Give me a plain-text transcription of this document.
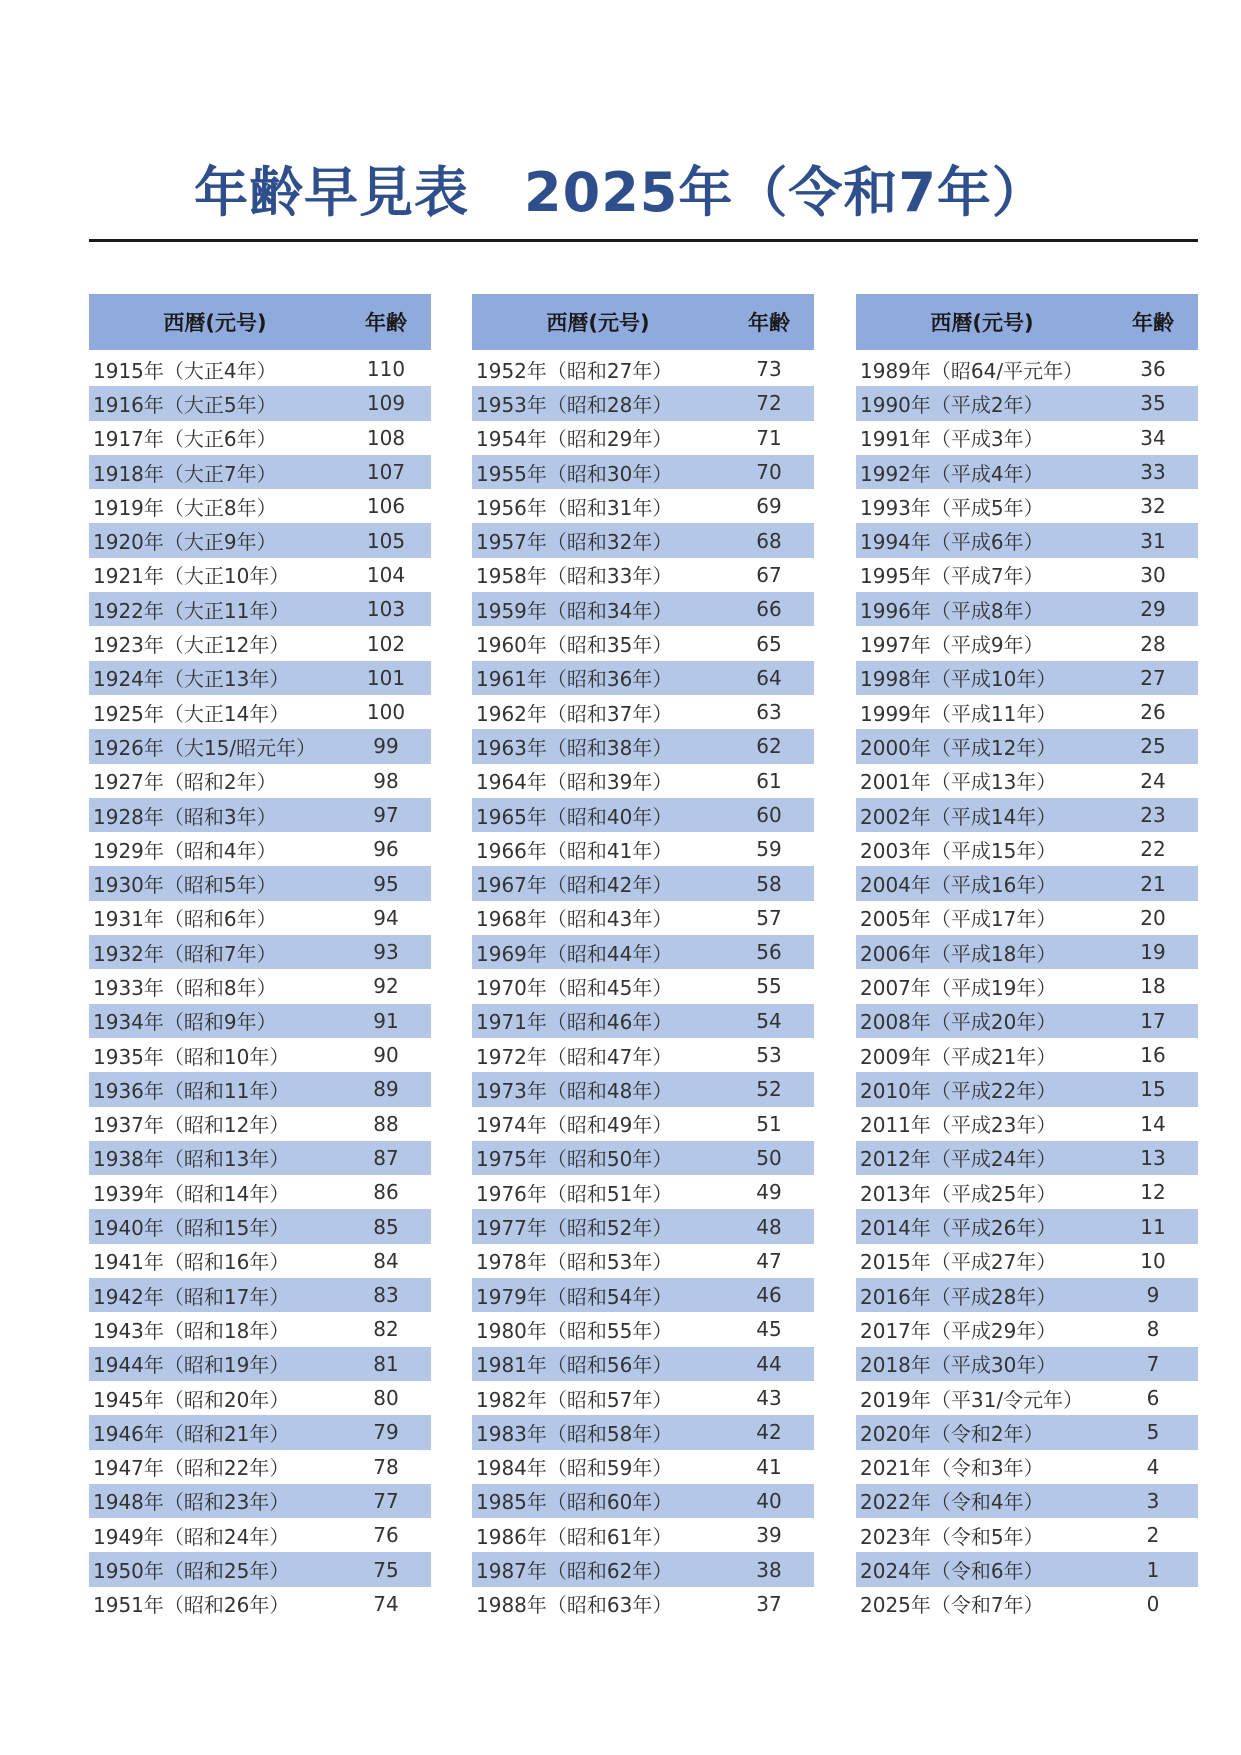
年齢早見表　2025年（令和7年）
西暦(元号)	年齢
1915年（大正4年）	110
1916年（大正5年）	109
1917年（大正6年）	108
1918年（大正7年）	107
1919年（大正8年）	106
1920年（大正9年）	105
1921年（大正10年）	104
1922年（大正11年）	103
1923年（大正12年）	102
1924年（大正13年）	101
1925年（大正14年）	100
1926年（大15/昭元年）	99
1927年（昭和2年）	98
1928年（昭和3年）	97
1929年（昭和4年）	96
1930年（昭和5年）	95
1931年（昭和6年）	94
1932年（昭和7年）	93
1933年（昭和8年）	92
1934年（昭和9年）	91
1935年（昭和10年）	90
1936年（昭和11年）	89
1937年（昭和12年）	88
1938年（昭和13年）	87
1939年（昭和14年）	86
1940年（昭和15年）	85
1941年（昭和16年）	84
1942年（昭和17年）	83
1943年（昭和18年）	82
1944年（昭和19年）	81
1945年（昭和20年）	80
1946年（昭和21年）	79
1947年（昭和22年）	78
1948年（昭和23年）	77
1949年（昭和24年）	76
1950年（昭和25年）	75
1951年（昭和26年）	74
西暦(元号)	年齢
1952年（昭和27年）	73
1953年（昭和28年）	72
1954年（昭和29年）	71
1955年（昭和30年）	70
1956年（昭和31年）	69
1957年（昭和32年）	68
1958年（昭和33年）	67
1959年（昭和34年）	66
1960年（昭和35年）	65
1961年（昭和36年）	64
1962年（昭和37年）	63
1963年（昭和38年）	62
1964年（昭和39年）	61
1965年（昭和40年）	60
1966年（昭和41年）	59
1967年（昭和42年）	58
1968年（昭和43年）	57
1969年（昭和44年）	56
1970年（昭和45年）	55
1971年（昭和46年）	54
1972年（昭和47年）	53
1973年（昭和48年）	52
1974年（昭和49年）	51
1975年（昭和50年）	50
1976年（昭和51年）	49
1977年（昭和52年）	48
1978年（昭和53年）	47
1979年（昭和54年）	46
1980年（昭和55年）	45
1981年（昭和56年）	44
1982年（昭和57年）	43
1983年（昭和58年）	42
1984年（昭和59年）	41
1985年（昭和60年）	40
1986年（昭和61年）	39
1987年（昭和62年）	38
1988年（昭和63年）	37
西暦(元号)	年齢
1989年（昭64/平元年）	36
1990年（平成2年）	35
1991年（平成3年）	34
1992年（平成4年）	33
1993年（平成5年）	32
1994年（平成6年）	31
1995年（平成7年）	30
1996年（平成8年）	29
1997年（平成9年）	28
1998年（平成10年）	27
1999年（平成11年）	26
2000年（平成12年）	25
2001年（平成13年）	24
2002年（平成14年）	23
2003年（平成15年）	22
2004年（平成16年）	21
2005年（平成17年）	20
2006年（平成18年）	19
2007年（平成19年）	18
2008年（平成20年）	17
2009年（平成21年）	16
2010年（平成22年）	15
2011年（平成23年）	14
2012年（平成24年）	13
2013年（平成25年）	12
2014年（平成26年）	11
2015年（平成27年）	10
2016年（平成28年）	9
2017年（平成29年）	8
2018年（平成30年）	7
2019年（平31/令元年）	6
2020年（令和2年）	5
2021年（令和3年）	4
2022年（令和4年）	3
2023年（令和5年）	2
2024年（令和6年）	1
2025年（令和7年）	0
